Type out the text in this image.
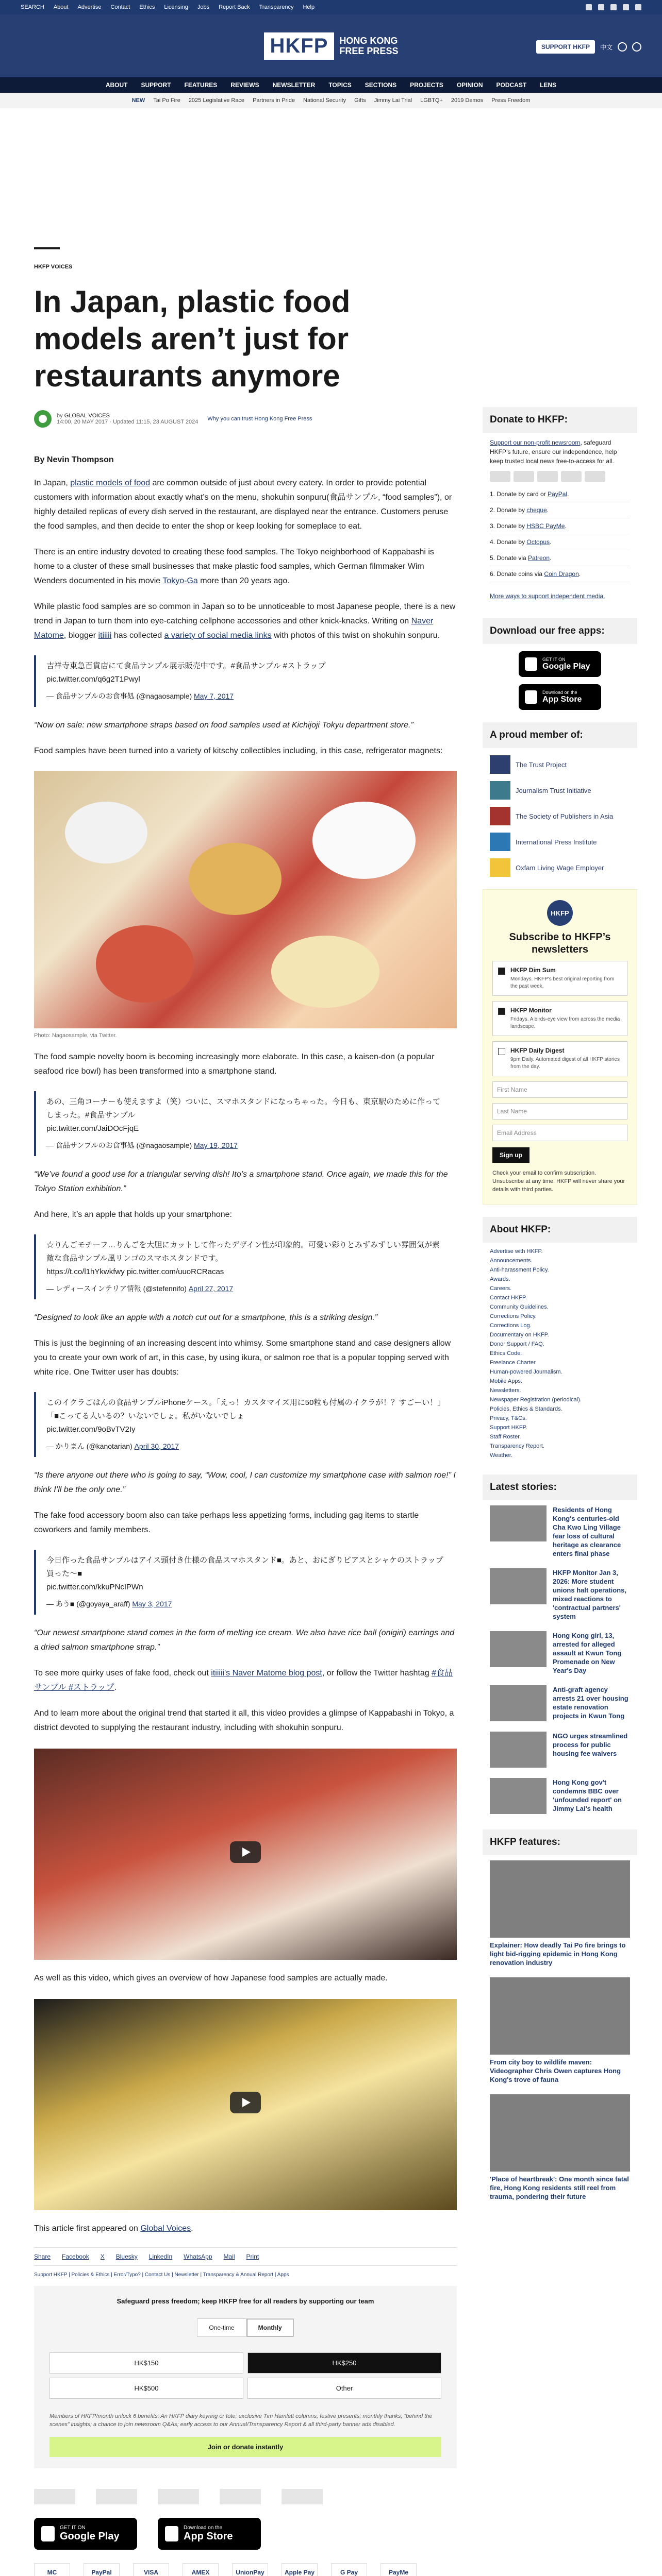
SEARCH About Advertise Contact Ethics Licensing Jobs Report Back Transparency Help
HKFP	HONG KONG
FREE PRESS	SUPPORT HKFP	中文
ABOUT SUPPORT FEATURES REVIEWS NEWSLETTER TOPICS SECTIONS PROJECTS OPINION PODCAST LENS
NEW Tai Po Fire 2025 Legislative Race Partners in Pride National Security Gifts Jimmy Lai Trial LGBTQ+ 2019 Demos Press Freedom
HKFP VOICES
In Japan, plastic food models aren’t just for restaurants anymore
by GLOBAL VOICES
14:00, 20 MAY 2017 · Updated 11:15, 23 AUGUST 2024 Why you can trust Hong Kong Free Press
By Nevin Thompson

In Japan, plastic models of food are common outside of just about every eatery. In order to provide potential customers with information about exactly what’s on the menu, shokuhin sonpuru(食品サンプル, “food samples”), or highly detailed replicas of every dish served in the restaurant, are displayed near the entrance. Customers peruse the food samples, and then decide to enter the shop or keep looking for someplace to eat.

There is an entire industry devoted to creating these food samples. The Tokyo neighborhood of Kappabashi is home to a cluster of these small businesses that make plastic food samples, which German filmmaker Wim Wenders documented in his movie Tokyo-Ga more than 20 years ago.

While plastic food samples are so common in Japan so to be unnoticeable to most Japanese people, there is a new trend in Japan to turn them into eye-catching cellphone accessories and other knick-knacks. Writing on Naver Matome, blogger itiiiii has collected a variety of social media links with photos of this twist on shokuhin sonpuru.

吉祥寺東急百貨店にて食品サンプル展示販売中です。#食品サンプル #ストラップ
pic.twitter.com/q6g2T1Pwyl
— 食品サンプルのお食事処 (@nagaosample) May 7, 2017

“Now on sale: new smartphone straps based on food samples used at Kichijoji Tokyu department store.”

Food samples have been turned into a variety of kitschy collectibles including, in this case, refrigerator magnets:

Photo: Nagaosample, via Twitter.

The food sample novelty boom is becoming increasingly more elaborate. In this case, a kaisen-don (a popular seafood rice bowl) has been transformed into a smartphone stand.

あの、三角コーナーも使えますよ（笑）ついに、スマホスタンドになっちゃった。今日も、東京駅のために作ってしまった。#食品サンプル
pic.twitter.com/JaiDOcFjqE
— 食品サンプルのお食事処 (@nagaosample) May 19, 2017

“We’ve found a good use for a triangular serving dish! Ito’s a smartphone stand. Once again, we made this for the Tokyo Station exhibition.”

And here, it’s an apple that holds up your smartphone:

☆りんごモチーフ…りんごを大胆にカットして作ったデザイン性が印象的。可愛い彩りとみずみずしい雰囲気が素敵な食品サンプル風リンゴのスマホスタンドです。
https://t.co/l1hYkwkfwy pic.twitter.com/uuoRCRacas
— レディースインテリア情報 (@stefennifo) April 27, 2017

“Designed to look like an apple with a notch cut out for a smartphone, this is a striking design.”

This is just the beginning of an increasing descent into whimsy. Some smartphone stand and case designers allow you to create your own work of art, in this case, by using ikura, or salmon roe that is a popular topping served with white rice. One Twitter user has doubts:

このイクラごはんの食品サンプルiPhoneケース。「えっ！カスタマイズ用に50粒も付属のイクラが！？すごーい！」「■こってる人いるの？いないでしょ。私がいないでしょ
pic.twitter.com/9oBvTV2Iy
— かりまん (@kanotarian) April 30, 2017

“Is there anyone out there who is going to say, “Wow, cool, I can customize my smartphone case with salmon roe!” I think I’ll be the only one.”

The fake food accessory boom also can take perhaps less appetizing forms, including gag items to startle coworkers and family members.

今日作った食品サンプルはアイス頭付き仕様の食品スマホスタンド■。あと、おにぎりピアスとシャケのストラップ買った～■
pic.twitter.com/kkuPNcIPWn
— あう■ (@goyaya_araff) May 3, 2017

“Our newest smartphone stand comes in the form of melting ice cream. We also have rice ball (onigiri) earrings and a dried salmon smartphone strap.”

To see more quirky uses of fake food, check out itiiiii's Naver Matome blog post, or follow the Twitter hashtag #食品サンプル #ストラップ.

And to learn more about the original trend that started it all, this video provides a glimpse of Kappabashi in Tokyo, a district devoted to supplying the restaurant industry, including with shokuhin sonpuru.

As well as this video, which gives an overview of how Japanese food samples are actually made.

This article first appeared on Global Voices.

Share Facebook X Bluesky LinkedIn WhatsApp Mail Print
Support HKFP | Policies & Ethics | Error/Typo? | Contact Us | Newsletter | Transparency & Annual Report | Apps
Safeguard press freedom; keep HKFP free for all readers by supporting our team
One-time	Monthly
HK$150	HK$250
HK$500	Other
Members of HKFP/month unlock 6 benefits: An HKFP diary keyring or tote; exclusive Tim Hamlett columns; festive presents; monthly thanks; “behind the scenes” insights; a chance to join newsroom Q&As; early access to our Annual/Transparency Report & all third-party banner ads disabled.
Join or donate instantly
GET IT ON
Google Play
Download on the
App Store
MC	PayPal	VISA	AMEX	UnionPay	Apple Pay	G Pay	PayMe
Donate to HKFP:
Support our non-profit newsroom, safeguard HKFP’s future, ensure our independence, help keep trusted local news free-to-access for all.
1. Donate by card or PayPal.
2. Donate by cheque.
3. Donate by HSBC PayMe.
4. Donate by Octopus.
5. Donate via Patreon.
6. Donate coins via Coin Dragon.
More ways to support independent media.
Download our free apps:
GET IT ON
Google Play
Download on the
App Store
A proud member of:
The Trust Project
Journalism Trust Initiative
The Society of Publishers in Asia
International Press Institute
Oxfam Living Wage Employer
HKFP
Subscribe to HKFP’s newsletters
HKFP Dim Sum
Mondays. HKFP's best original reporting from the past week.
HKFP Monitor
Fridays. A birds-eye view from across the media landscape.
HKFP Daily Digest
9pm Daily. Automated digest of all HKFP stories from the day.
First Name
Last Name
Email Address
Sign up
Check your email to confirm subscription. Unsubscribe at any time. HKFP will never share your details with third parties.
About HKFP:
Advertise with HKFP.
Announcements.
Anti-harassment Policy.
Awards.
Careers.
Contact HKFP.
Community Guidelines.
Corrections Policy.
Corrections Log.
Documentary on HKFP.
Donor Support / FAQ.
Ethics Code.
Freelance Charter.
Human-powered Journalism.
Mobile Apps.
Newsletters.
Newspaper Registration (periodical).
Policies, Ethics & Standards.
Privacy, T&Cs.
Support HKFP.
Staff Roster.
Transparency Report.
Weather.
Latest stories:
Residents of Hong Kong's centuries-old Cha Kwo Ling Village fear loss of cultural heritage as clearance enters final phase
HKFP Monitor Jan 3, 2026: More student unions halt operations, mixed reactions to 'contractual partners' system
Hong Kong girl, 13, arrested for alleged assault at Kwun Tong Promenade on New Year's Day
Anti-graft agency arrests 21 over housing estate renovation projects in Kwun Tong
NGO urges streamlined process for public housing fee waivers
Hong Kong gov't condemns BBC over 'unfounded report' on Jimmy Lai's health
HKFP features:
Explainer: How deadly Tai Po fire brings to light bid-rigging epidemic in Hong Kong renovation industry
From city boy to wildlife maven: Videographer Chris Owen captures Hong Kong's trove of fauna
'Place of heartbreak': One month since fatal fire, Hong Kong residents still reel from trauma, pondering their future
